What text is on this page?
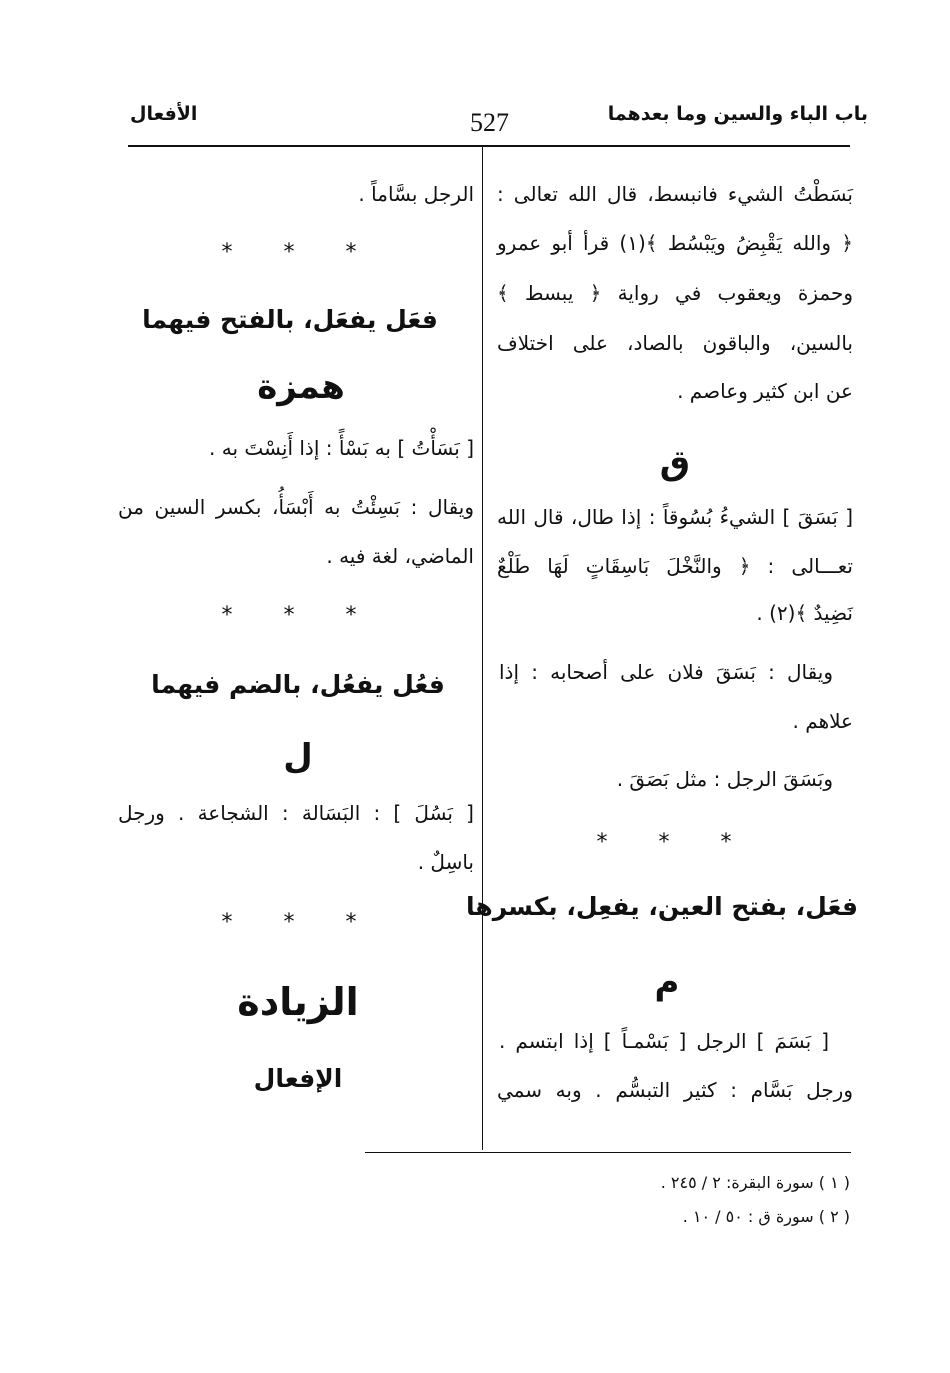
باب الباء والسين وما بعدهما
527
الأفعال
بَسَطْتُ الشيء فانبسط، قال الله تعالى :
﴿ والله يَقْبِضُ ويَبْسُط ﴾(١) قرأ أبو عمرو
وحمزة ويعقوب في رواية ﴿ يبسط ﴾
بالسين، والباقون بالصاد، على اختلاف
عن ابن كثير وعاصم .
ق
[ بَسَقَ ] الشيءُ بُسُوقاً : إذا طال، قال الله
تعـــالى : ﴿ والنَّخْلَ بَاسِقَاتٍ لَهَا طَلْعٌ
نَضِيدٌ ﴾(٢) .
ويقال : بَسَقَ فلان على أصحابه : إذا
علاهم .
وبَسَقَ الرجل : مثل بَصَقَ .
* * *
فعَل، بفتح العين، يفعِل، بكسرها
م
[ بَسَمَ ] الرجل [ بَسْمـاً ] إذا ابتسم .
ورجل بَسَّام : كثير التبسُّم . وبه سمي
الرجل بسَّاماً .
* * *
فعَل يفعَل، بالفتح فيهما
همزة
[ بَسَأْتُ ] به بَسْأً : إذا أَنِسْتَ به .
ويقال : بَسِئْتُ به أَبْسَأُ، بكسر السين من
الماضي، لغة فيه .
* * *
فعُل يفعُل، بالضم فيهما
ل
[ بَسُلَ ] : البَسَالة : الشجاعة . ورجل
باسِلٌ .
* * *
الزيادة
الإفعال
( ١ ) سورة البقرة: ٢ / ٢٤٥ .
( ٢ ) سورة ق : ٥٠ / ١٠ .
